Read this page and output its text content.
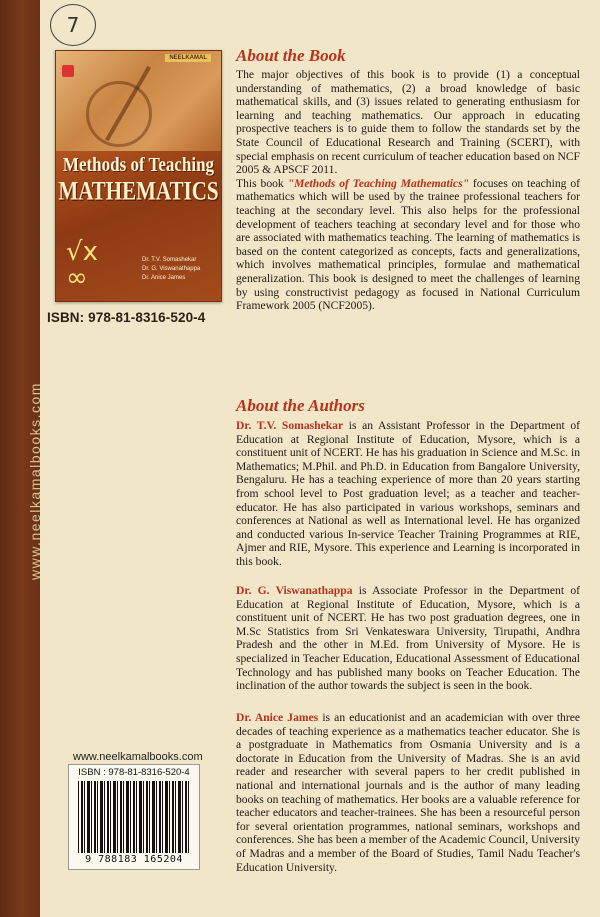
www.neelkamalbooks.com
7
NEELKAMAL
Methods of Teaching
MATHEMATICS
√x ∞
Dr. T.V. Somashekar
Dr. G. Viswanathappa
Dr. Anice James
ISBN: 978-81-8316-520-4
About the Book

The major objectives of this book is to provide (1) a conceptual understanding of mathematics, (2) a broad knowledge of basic mathematical skills, and (3) issues related to generating enthusiasm for learning and teaching mathematics. Our approach in educating prospective teachers is to guide them to follow the standards set by the State Council of Educational Research and Training (SCERT), with special emphasis on recent curriculum of teacher education based on NCF 2005 & APSCF 2011.

This book "Methods of Teaching Mathematics" focuses on teaching of mathematics which will be used by the trainee professional teachers for teaching at the secondary level. This also helps for the professional development of teachers teaching at secondary level and for those who are associated with mathematics teaching. The learning of mathematics is based on the content categorized as concepts, facts and generalizations, which involves mathematical principles, formulae and mathematical generalization. This book is designed to meet the challenges of learning by using constructivist pedagogy as focused in National Curriculum Framework 2005 (NCF2005).

About the Authors

Dr. T.V. Somashekar is an Assistant Professor in the Department of Education at Regional Institute of Education, Mysore, which is a constituent unit of NCERT. He has his graduation in Science and M.Sc. in Mathematics; M.Phil. and Ph.D. in Education from Bangalore University, Bengaluru. He has a teaching experience of more than 20 years starting from school level to Post graduation level; as a teacher and teacher-educator. He has also participated in various workshops, seminars and conferences at National as well as International level. He has organized and conducted various In-service Teacher Training Programmes at RIE, Ajmer and RIE, Mysore. This experience and Learning is incorporated in this book.

Dr. G. Viswanathappa is Associate Professor in the Department of Education at Regional Institute of Education, Mysore, which is a constituent unit of NCERT. He has two post graduation degrees, one in M.Sc Statistics from Sri Venkateswara University, Tirupathi, Andhra Pradesh and the other in M.Ed. from University of Mysore. He is specialized in Teacher Education, Educational Assessment of Educational Technology and has published many books on Teacher Education. The inclination of the author towards the subject is seen in the book.

Dr. Anice James is an educationist and an academician with over three decades of teaching experience as a mathematics teacher educator. She is a postgraduate in Mathematics from Osmania University and is a doctorate in Education from the University of Madras. She is an avid reader and researcher with several papers to her credit published in national and international journals and is the author of many leading books on teaching of mathematics. Her books are a valuable reference for teacher educators and teacher-trainees. She has been a resourceful person for several orientation programmes, national seminars, workshops and conferences. She has been a member of the Academic Council, University of Madras and a member of the Board of Studies, Tamil Nadu Teacher's Education University.

www.neelkamalbooks.com
ISBN : 978-81-8316-520-4
9 788183 165204
